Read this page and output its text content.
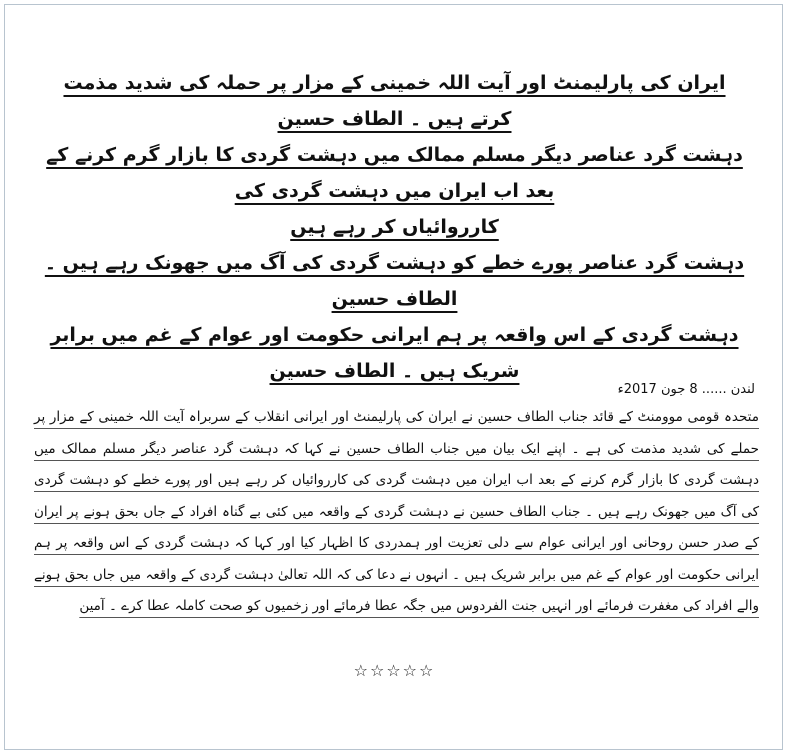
ایران کی پارلیمنٹ اور آیت اللہ خمینی کے مزار پر حملہ کی شدید مذمت کرتے ہیں ۔ الطاف حسین
دہشت گرد عناصر دیگر مسلم ممالک میں دہشت گردی کا بازار گرم کرنے کے بعد اب ایران میں دہشت گردی کی
کارروائیاں کر رہے ہیں
دہشت گرد عناصر پورے خطے کو دہشت گردی کی آگ میں جھونک رہے ہیں ۔ الطاف حسین
دہشت گردی کے اس واقعہ پر ہم ایرانی حکومت اور عوام کے غم میں برابر شریک ہیں ۔ الطاف حسین
لندن ...... 8 جون 2017ء
متحدہ قومی موومنٹ کے قائد جناب الطاف حسین نے ایران کی پارلیمنٹ اور ایرانی انقلاب کے سربراہ آیت اللہ خمینی کے مزار پر حملے کی شدید مذمت کی ہے ۔ اپنے ایک بیان میں جناب الطاف حسین نے کہا کہ دہشت گرد عناصر دیگر مسلم ممالک میں دہشت گردی کا بازار گرم کرنے کے بعد اب ایران میں دہشت گردی کی کارروائیاں کر رہے ہیں اور پورے خطے کو دہشت گردی کی آگ میں جھونک رہے ہیں ۔ جناب الطاف حسین نے دہشت گردی کے واقعہ میں کئی بے گناہ افراد کے جاں بحق ہونے پر ایران کے صدر حسن روحانی اور ایرانی عوام سے دلی تعزیت اور ہمدردی کا اظہار کیا اور کہا کہ دہشت گردی کے اس واقعہ پر ہم ایرانی حکومت اور عوام کے غم میں برابر شریک ہیں ۔ انہوں نے دعا کی کہ اللہ تعالیٰ دہشت گردی کے واقعہ میں جاں بحق ہونے والے افراد کی مغفرت فرمائے اور انہیں جنت الفردوس میں جگہ عطا فرمائے اور زخمیوں کو صحت کاملہ عطا کرے ۔ آمین
☆☆☆☆☆
